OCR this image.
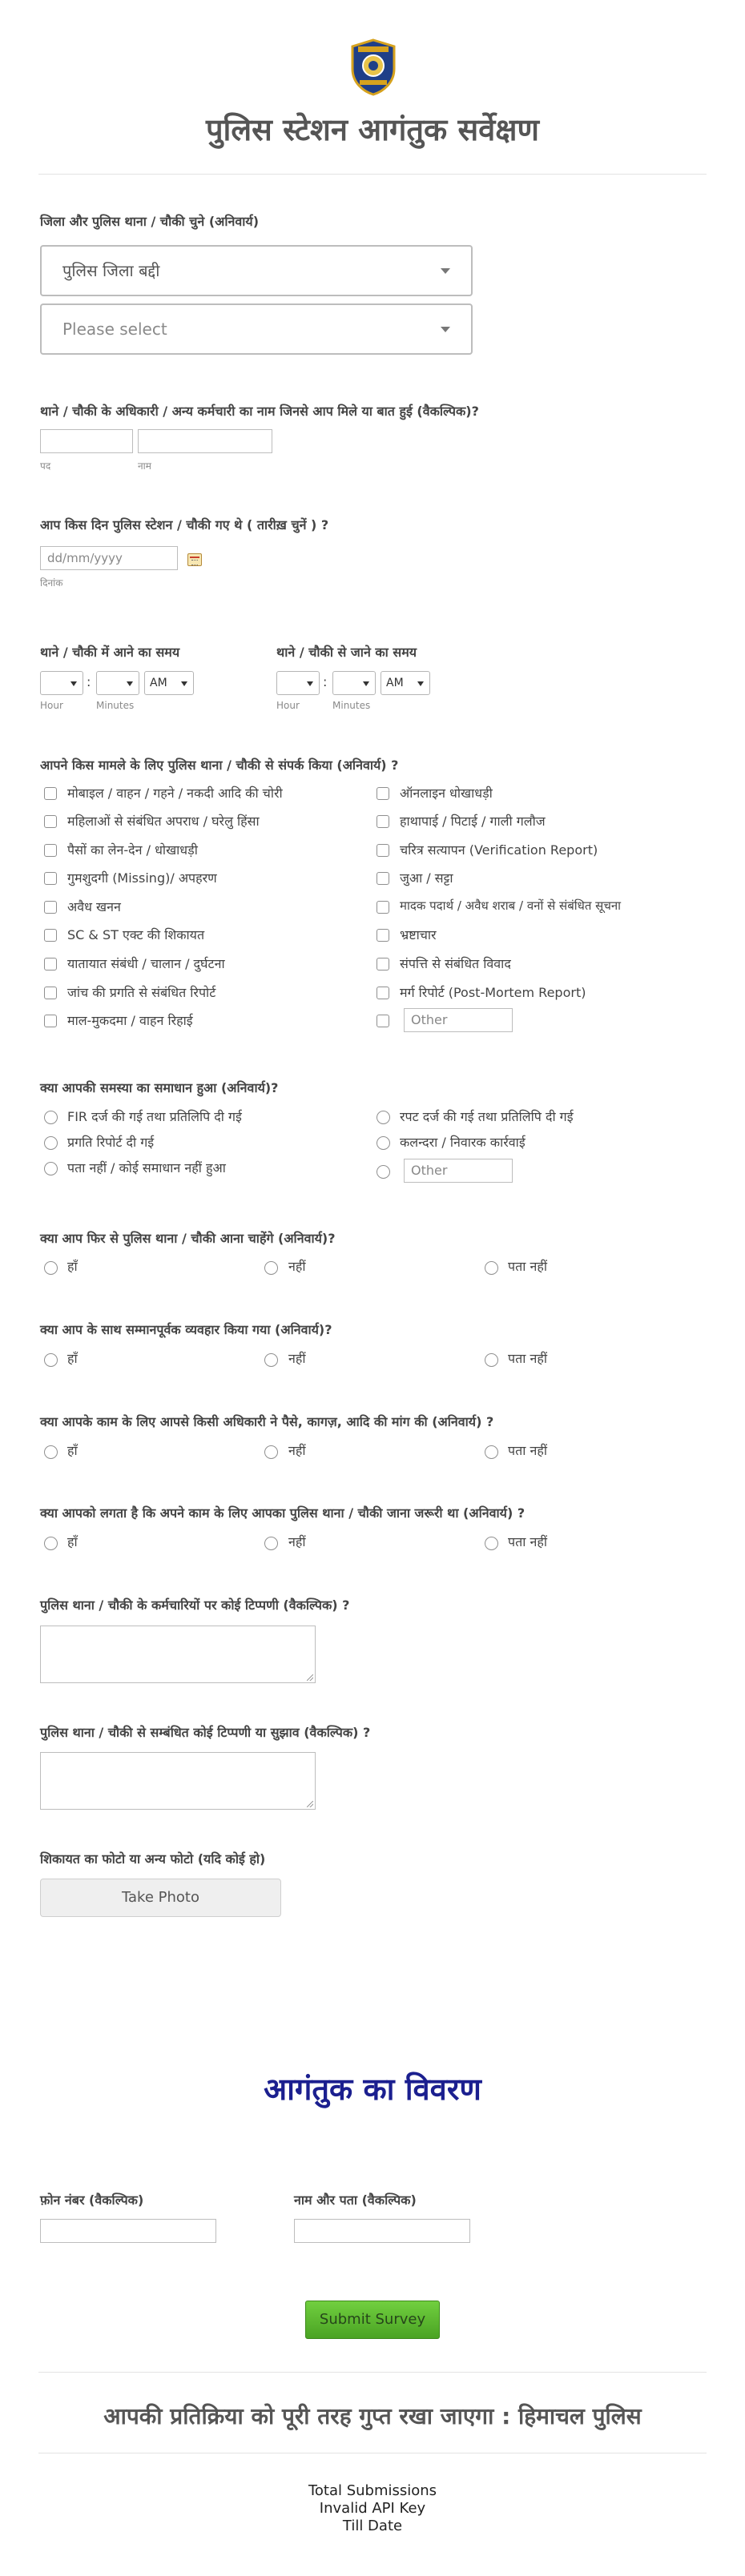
पुलिस स्टेशन आगंतुक सर्वेक्षण
जिला और पुलिस थाना / चौकी चुने (अनिवार्य)
पुलिस जिला बद्दी
Please select
थाने / चौकी के अधिकारी / अन्य कर्मचारी का नाम जिनसे आप मिले या बात हुई (वैकल्पिक)?
पद	नाम
आप किस दिन पुलिस स्टेशन / चौकी गए थे ( तारीख़ चुनें ) ?
dd/mm/yyyy
दिनांक
थाने / चौकी में आने का समय	थाने / चौकी से जाने का समय
:	AM
Hour	Minutes
:	AM
Hour	Minutes
आपने किस मामले के लिए पुलिस थाना / चौकी से संपर्क किया (अनिवार्य) ?
मोबाइल / वाहन / गहने / नकदी आदि की चोरी
महिलाओं से संबंधित अपराध / घरेलु हिंसा
पैसों का लेन-देन / धोखाधड़ी
गुमशुदगी (Missing)/ अपहरण
अवैध खनन
SC & ST एक्ट की शिकायत
यातायात संबंधी / चालान / दुर्घटना
जांच की प्रगति से संबंधित रिपोर्ट
माल-मुकदमा / वाहन रिहाई
ऑनलाइन धोखाधड़ी
हाथापाई / पिटाई / गाली गलौज
चरित्र सत्यापन (Verification Report)
जुआ / सट्टा
मादक पदार्थ / अवैध शराब / वनों से संबंधित सूचना
भ्रष्टाचार
संपत्ति से संबंधित विवाद
मर्ग रिपोर्ट (Post-Mortem Report)
Other
क्या आपकी समस्या का समाधान हुआ (अनिवार्य)?
FIR दर्ज की गई तथा प्रतिलिपि दी गई
प्रगति रिपोर्ट दी गई
पता नहीं / कोई समाधान नहीं हुआ
रपट दर्ज की गई तथा प्रतिलिपि दी गई
कलन्दरा / निवारक कार्रवाई
Other
क्या आप फिर से पुलिस थाना / चौकी आना चाहेंगे (अनिवार्य)?
हाँ	नहीं	पता नहीं
क्या आप के साथ सम्मानपूर्वक व्यवहार किया गया (अनिवार्य)?
हाँ	नहीं	पता नहीं
क्या आपके काम के लिए आपसे किसी अधिकारी ने पैसे, कागज़, आदि की मांग की (अनिवार्य) ?
हाँ	नहीं	पता नहीं
क्या आपको लगता है कि अपने काम के लिए आपका पुलिस थाना / चौकी जाना जरूरी था (अनिवार्य) ?
हाँ	नहीं	पता नहीं
पुलिस थाना / चौकी के कर्मचारियों पर कोई टिप्पणी (वैकल्पिक) ?
पुलिस थाना / चौकी से सम्बंधित कोई टिप्पणी या सुझाव (वैकल्पिक) ?
शिकायत का फोटो या अन्य फोटो (यदि कोई हो)
Take Photo
आगंतुक का विवरण
फ़ोन नंबर (वैकल्पिक)	नाम और पता (वैकल्पिक)
Submit Survey
आपकी प्रतिक्रिया को पूरी तरह गुप्त रखा जाएगा : हिमाचल पुलिस
Total Submissions
Invalid API Key
Till Date
